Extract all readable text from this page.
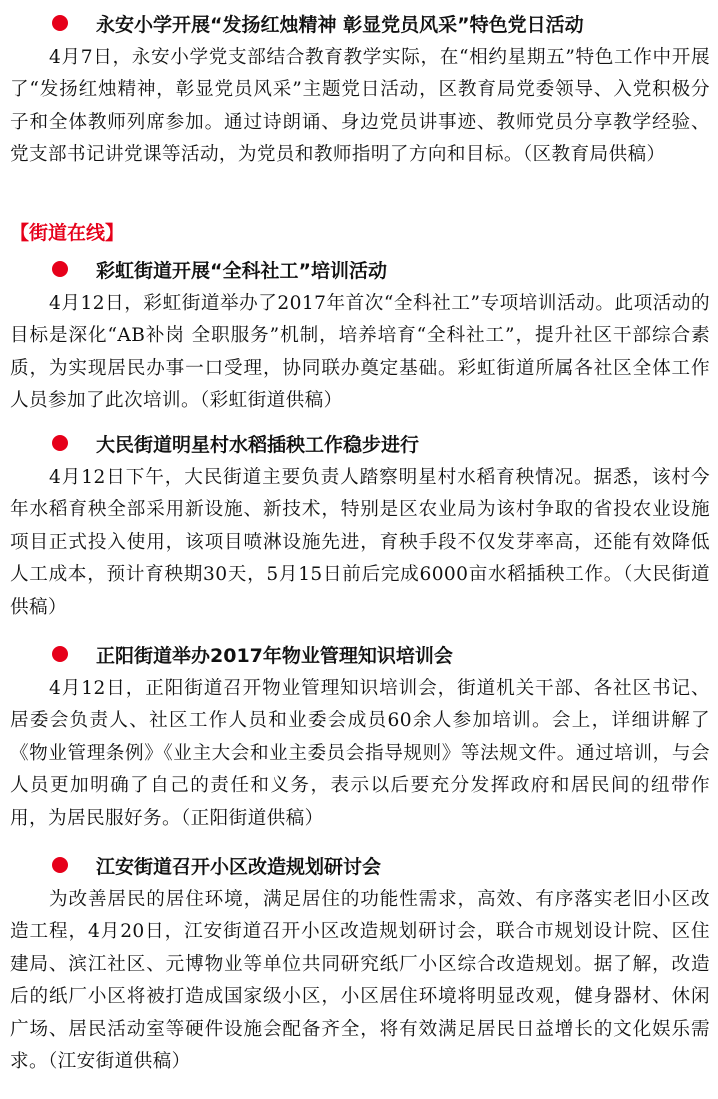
永安小学开展“发扬红烛精神 彰显党员风采”特色党日活动

4月7日，永安小学党支部结合教育教学实际，在“相约星期五”特色工作中开展了“发扬红烛精神，彰显党员风采”主题党日活动，区教育局党委领导、入党积极分子和全体教师列席参加。通过诗朗诵、身边党员讲事迹、教师党员分享教学经验、党支部书记讲党课等活动，为党员和教师指明了方向和目标。（区教育局供稿）

【街道在线】
彩虹街道开展“全科社工”培训活动

4月12日，彩虹街道举办了2017年首次“全科社工”专项培训活动。此项活动的目标是深化“AB补岗 全职服务”机制，培养培育“全科社工”，提升社区干部综合素质，为实现居民办事一口受理，协同联办奠定基础。彩虹街道所属各社区全体工作人员参加了此次培训。（彩虹街道供稿）

大民街道明星村水稻插秧工作稳步进行

4月12日下午，大民街道主要负责人踏察明星村水稻育秧情况。据悉，该村今年水稻育秧全部采用新设施、新技术，特别是区农业局为该村争取的省投农业设施项目正式投入使用，该项目喷淋设施先进，育秧手段不仅发芽率高，还能有效降低人工成本，预计育秧期30天，5月15日前后完成6000亩水稻插秧工作。（大民街道供稿）

正阳街道举办2017年物业管理知识培训会

4月12日，正阳街道召开物业管理知识培训会，街道机关干部、各社区书记、居委会负责人、社区工作人员和业委会成员60余人参加培训。会上，详细讲解了《物业管理条例》《业主大会和业主委员会指导规则》等法规文件。通过培训，与会人员更加明确了自己的责任和义务，表示以后要充分发挥政府和居民间的纽带作用，为居民服好务。（正阳街道供稿）

江安街道召开小区改造规划研讨会

为改善居民的居住环境，满足居住的功能性需求，高效、有序落实老旧小区改造工程，4月20日，江安街道召开小区改造规划研讨会，联合市规划设计院、区住建局、滨江社区、元博物业等单位共同研究纸厂小区综合改造规划。据了解，改造后的纸厂小区将被打造成国家级小区，小区居住环境将明显改观，健身器材、休闲广场、居民活动室等硬件设施会配备齐全，将有效满足居民日益增长的文化娱乐需求。（江安街道供稿）
